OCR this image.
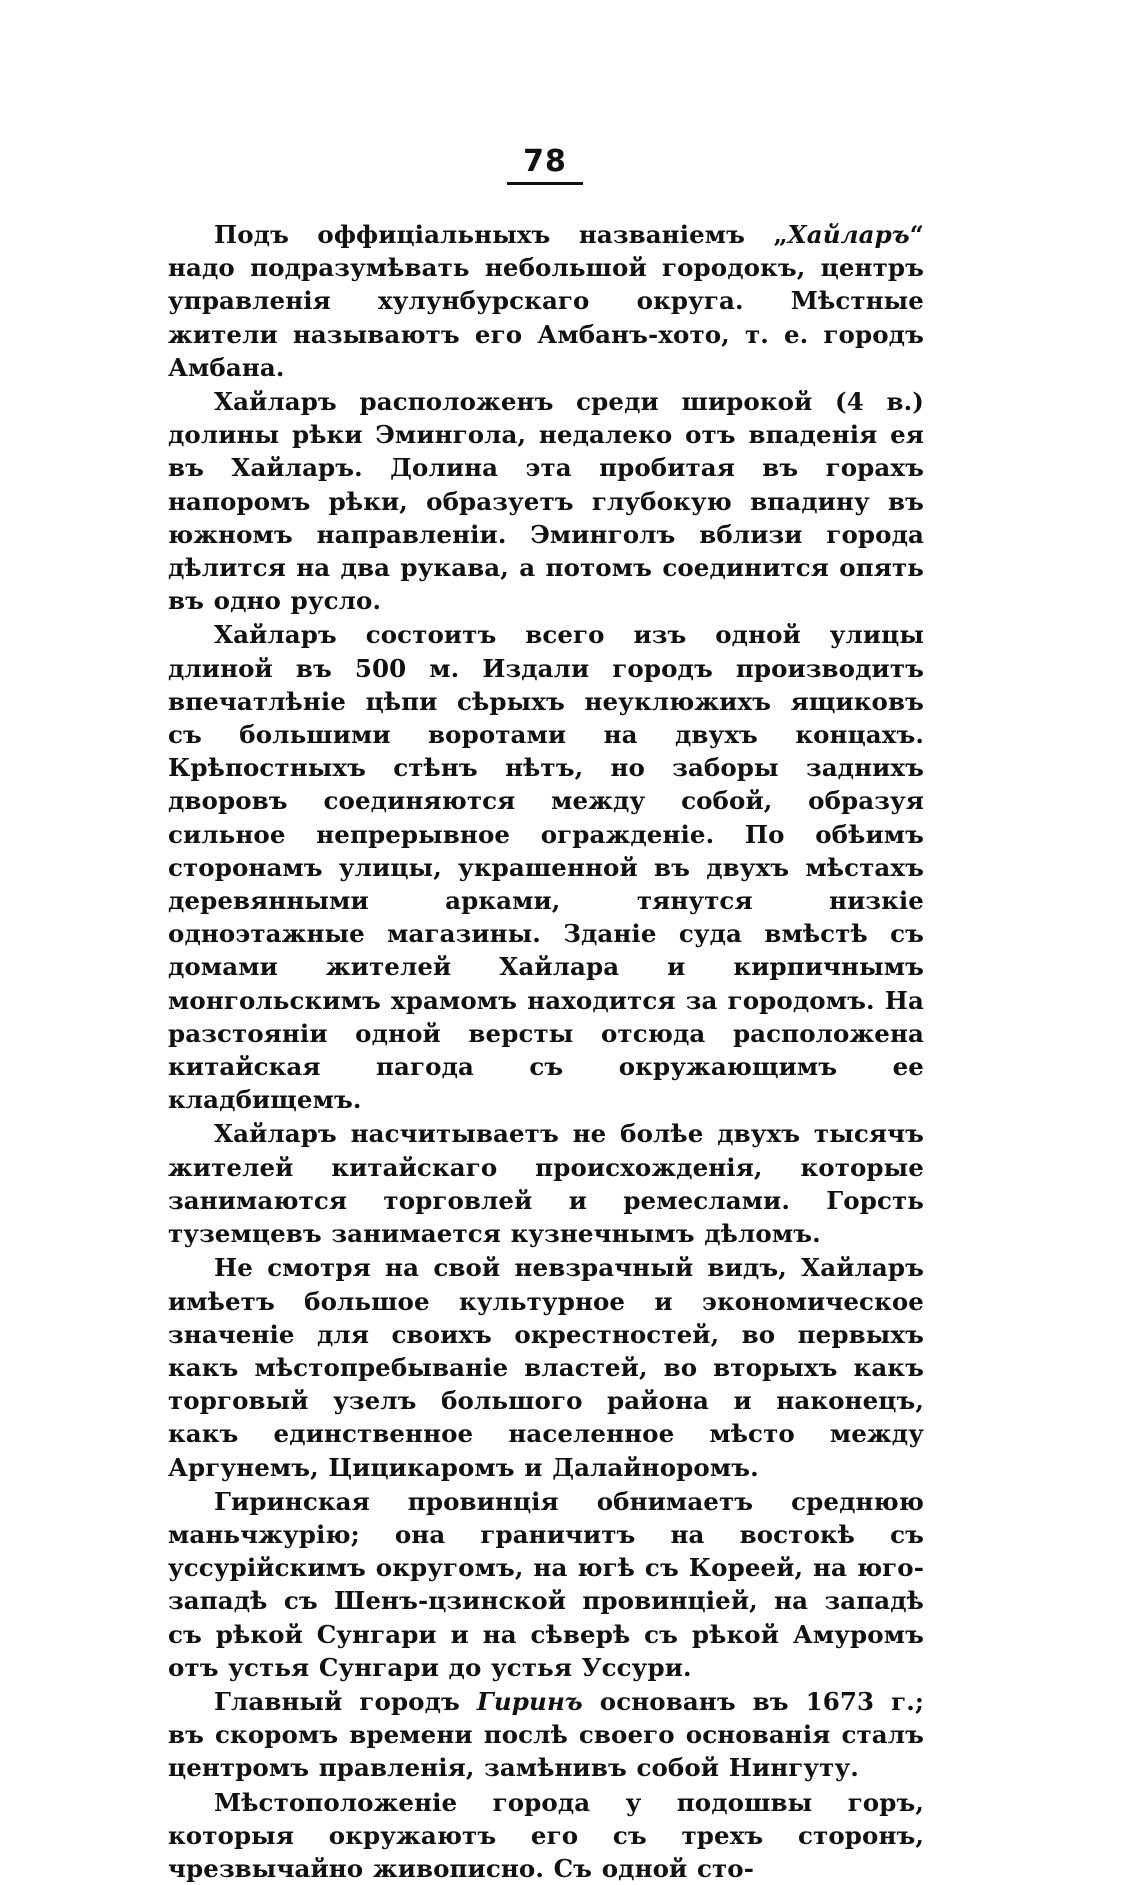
78

Подъ оффиціальныхъ названіемъ „Хайларъ“ надо подразумѣвать небольшой городокъ, центръ управленія хулунбурскаго округа. Мѣстные жители называютъ его Амбанъ-хото, т. е. городъ Амбана.

Хайларъ расположенъ среди широкой (4 в.) долины рѣки Эмингола, недалеко отъ впаденія ея въ Хайларъ. Долина эта пробитая въ горахъ напоромъ рѣки, образуетъ глубокую впадину въ южномъ направленіи. Эминголъ вблизи города дѣлится на два рукава, а потомъ соединится опять въ одно русло.

Хайларъ состоитъ всего изъ одной улицы длиной въ 500 м. Издали городъ производитъ впечатлѣніе цѣпи сѣрыхъ неуклюжихъ ящиковъ съ большими воротами на двухъ концахъ. Крѣпостныхъ стѣнъ нѣтъ, но заборы заднихъ дворовъ соединяются между собой, образуя сильное непрерывное огражденіе. По обѣимъ сторонамъ улицы, украшенной въ двухъ мѣстахъ деревянными арками, тянутся низкіе одноэтажные магазины. Зданіе суда вмѣстѣ съ домами жителей Хайлара и кирпичнымъ монгольскимъ храмомъ находится за городомъ. На разстояніи одной версты отсюда расположена китайская пагода съ окружающимъ ее кладбищемъ.

Хайларъ насчитываетъ не болѣе двухъ тысячъ жителей китайскаго происхожденія, которые занимаются торговлей и ремеслами. Горсть туземцевъ занимается кузнечнымъ дѣломъ.

Не смотря на свой невзрачный видъ, Хайларъ имѣетъ большое культурное и экономическое значеніе для своихъ окрестностей, во первыхъ какъ мѣстопребываніе властей, во вторыхъ какъ торговый узелъ большого района и наконецъ, какъ единственное населенное мѣсто между Аргунемъ, Цицикаромъ и Далайноромъ.

Гиринская провинція обнимаетъ среднюю маньчжурію; она граничитъ на востокѣ съ уссурійскимъ округомъ, на югѣ съ Кореей, на юго-западѣ съ Шенъ-цзинской провинціей, на западѣ съ рѣкой Сунгари и на сѣверѣ съ рѣкой Амуромъ отъ устья Сунгари до устья Уссури.

Главный городъ Гиринъ основанъ въ 1673 г.; въ скоромъ времени послѣ своего основанія сталъ центромъ правленія, замѣнивъ собой Нингуту.

Мѣстоположеніе города у подошвы горъ, которыя окружаютъ его съ трехъ сторонъ, чрезвычайно живописно. Съ одной сто-
